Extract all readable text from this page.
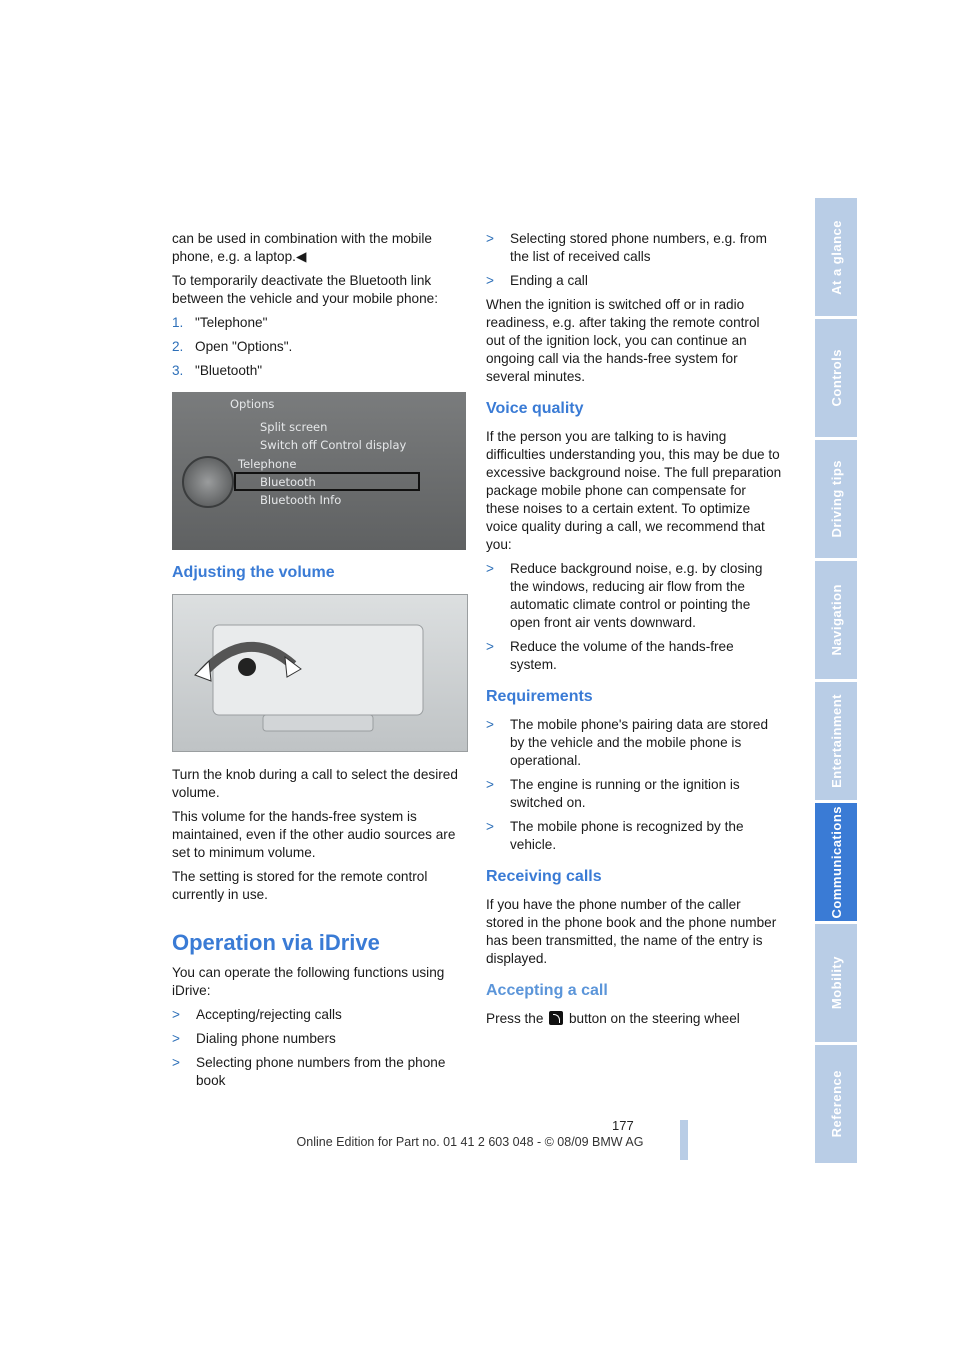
can be used in combination with the mobile phone, e.g. a laptop.◀

To temporarily deactivate the Bluetooth link between the vehicle and your mobile phone:

1. "Telephone"
2. Open "Options".
3. "Bluetooth"
Options
Split screen
Switch off Control display
Telephone
Bluetooth
Bluetooth Info
Adjusting the volume

Turn the knob during a call to select the desired volume.

This volume for the hands-free system is maintained, even if the other audio sources are set to minimum volume.

The setting is stored for the remote control currently in use.

Operation via iDrive

You can operate the following functions using iDrive:

>	Accepting/rejecting calls
>	Dialing phone numbers
>	Selecting phone numbers from the phone book
>	Selecting stored phone numbers, e.g. from the list of received calls
>	Ending a call

When the ignition is switched off or in radio readiness, e.g. after taking the remote control out of the ignition lock, you can continue an ongoing call via the hands-free system for several minutes.

Voice quality

If the person you are talking to is having difficulties understanding you, this may be due to excessive background noise. The full preparation package mobile phone can compensate for these noises to a certain extent. To optimize voice quality during a call, we recommend that you:

>	Reduce background noise, e.g. by closing the windows, reducing air flow from the automatic climate control or pointing the open front air vents downward.
>	Reduce the volume of the hands-free system.
Requirements
>	The mobile phone's pairing data are stored by the vehicle and the mobile phone is operational.
>	The engine is running or the ignition is switched on.
>	The mobile phone is recognized by the vehicle.
Receiving calls

If you have the phone number of the caller stored in the phone book and the phone number has been transmitted, the name of the entry is displayed.

Accepting a call

Press the button on the steering wheel

At a glance
Controls
Driving tips
Navigation
Entertainment
Communications
Mobility
Reference
177
Online Edition for Part no. 01 41 2 603 048 - © 08/09 BMW AG
